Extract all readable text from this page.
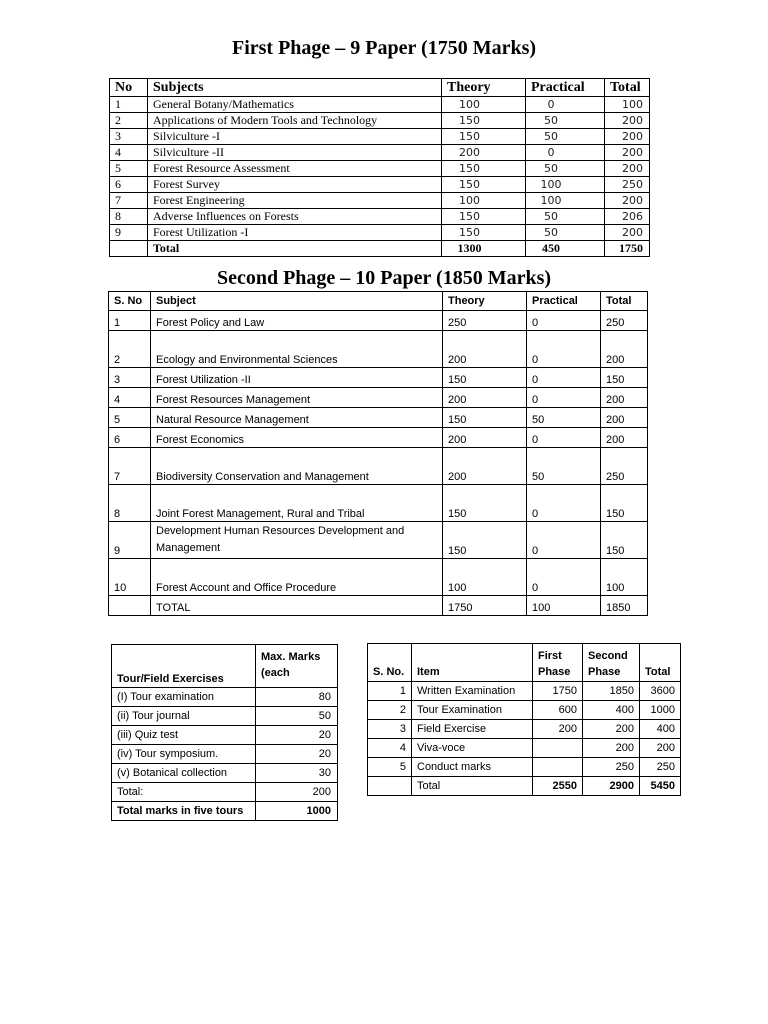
First Phage – 9 Paper (1750 Marks)
No	Subjects	Theory	Practical	Total
1	General Botany/Mathematics	100	0	100
2	Applications of Modern Tools and Technology	150	50	200
3	Silviculture -I	150	50	200
4	Silviculture -II	200	0	200
5	Forest Resource Assessment	150	50	200
6	Forest Survey	150	100	250
7	Forest Engineering	100	100	200
8	Adverse Influences on Forests	150	50	206
9	Forest Utilization -I	150	50	200
	Total	1300	450	1750
Second Phage – 10 Paper (1850 Marks)
S. No	Subject	Theory	Practical	Total
1	Forest Policy and Law	250	0	250
2	Ecology and Environmental Sciences	200	0	200
3	Forest Utilization -II	150	0	150
4	Forest Resources Management	200	0	200
5	Natural Resource Management	150	50	200
6	Forest Economics	200	0	200
7	Biodiversity Conservation and Management	200	50	250
8	Joint Forest Management, Rural and Tribal	150	0	150
9	Development Human Resources Development and Management	150	0	150
10	Forest Account and Office Procedure	100	0	100
	TOTAL	1750	100	1850
Tour/Field Exercises	Max. Marks (each
(I) Tour examination	80
(ii) Tour journal	50
(iii) Quiz test	20
(iv) Tour symposium.	20
(v) Botanical collection	30
Total:	200
Total marks in five tours	1000
S. No.	Item	First Phase	Second Phase	Total
1	Written Examination	1750	1850	3600
2	Tour Examination	600	400	1000
3	Field Exercise	200	200	400
4	Viva-voce		200	200
5	Conduct marks		250	250
	Total	2550	2900	5450
